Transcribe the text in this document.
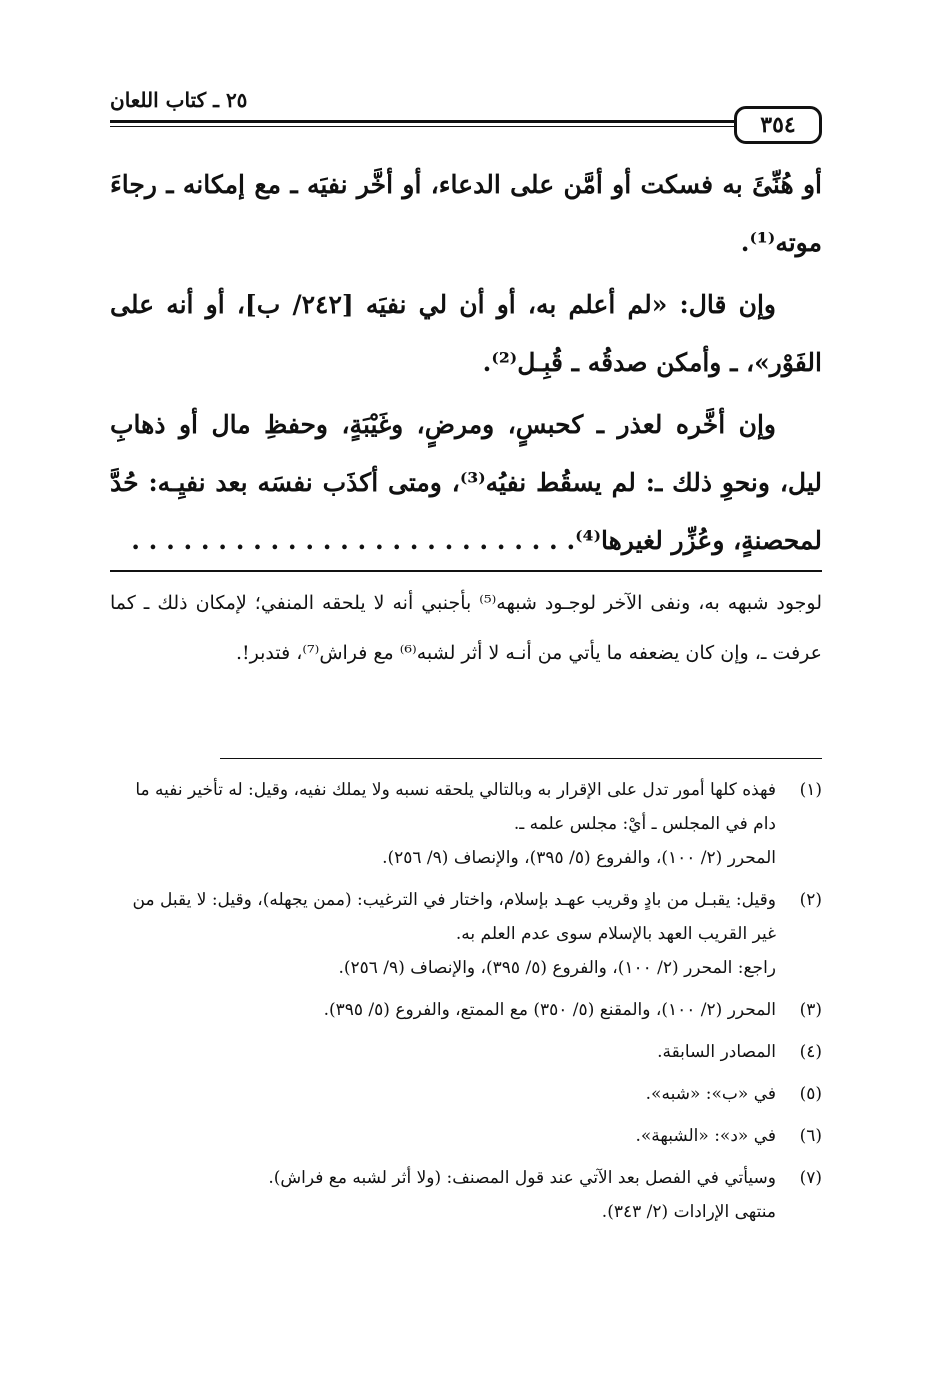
٣٥٤
٢٥ ـ كتاب اللعان

أو هُنِّئَ به فسكت أو أمَّن على الدعاء، أو أخَّر نفيَه ـ مع إمكانه ـ رجاءَ موته⁽¹⁾.

وإن قال: «لم أعلم به، أو أن لي نفيَه [٢٤٢/ ب]، أو أنه على الفَوْر»، ـ وأمكن صدقُه ـ قُبِـل⁽²⁾.

وإن أخَّره لعذر ـ كحبسٍ، ومرضٍ، وغَيْبَةٍ، وحفظِ مال أو ذهابِ ليل، ونحوِ ذلك ـ: لم يسقُط نفيُه⁽³⁾، ومتى أكذَب نفسَه بعد نفيِـه: حُدَّ لمحصنةٍ، وعُزِّر لغيرها⁽⁴⁾. . . . . . . . . . . . . . . . . . . . . . . . . .

لوجود شبهه به، ونفى الآخر لوجـود شبهه⁽⁵⁾ بأجنبي أنه لا يلحقه المنفي؛ لإمكان ذلك ـ كما عرفت ـ، وإن كان يضعفه ما يأتي من أنـه لا أثر لشبه⁽⁶⁾ مع فراش⁽⁷⁾، فتدبر!.
(١)
فهذه كلها أمور تدل على الإقرار به وبالتالي يلحقه نسبه ولا يملك نفيه، وقيل: له تأخير نفيه ما دام في المجلس ـ أيْ: مجلس علمه ـ.
المحرر (٢/ ١٠٠)، والفروع (٥/ ٣٩٥)، والإنصاف (٩/ ٢٥٦).
(٢)
وقيل: يقبـل من بادٍ وقريب عهـد بإسلام، واختار في الترغيب: (ممن يجهله)، وقيل: لا يقبل من غير القريب العهد بالإسلام سوى عدم العلم به.
راجع: المحرر (٢/ ١٠٠)، والفروع (٥/ ٣٩٥)، والإنصاف (٩/ ٢٥٦).
(٣)
المحرر (٢/ ١٠٠)، والمقنع (٥/ ٣٥٠) مع الممتع، والفروع (٥/ ٣٩٥).
(٤)
المصادر السابقة.
(٥)
في «ب»: «شبه».
(٦)
في «د»: «الشبهة».
(٧)
وسيأتي في الفصل بعد الآتي عند قول المصنف: (ولا أثر لشبه مع فراش).
منتهى الإرادات (٢/ ٣٤٣).
